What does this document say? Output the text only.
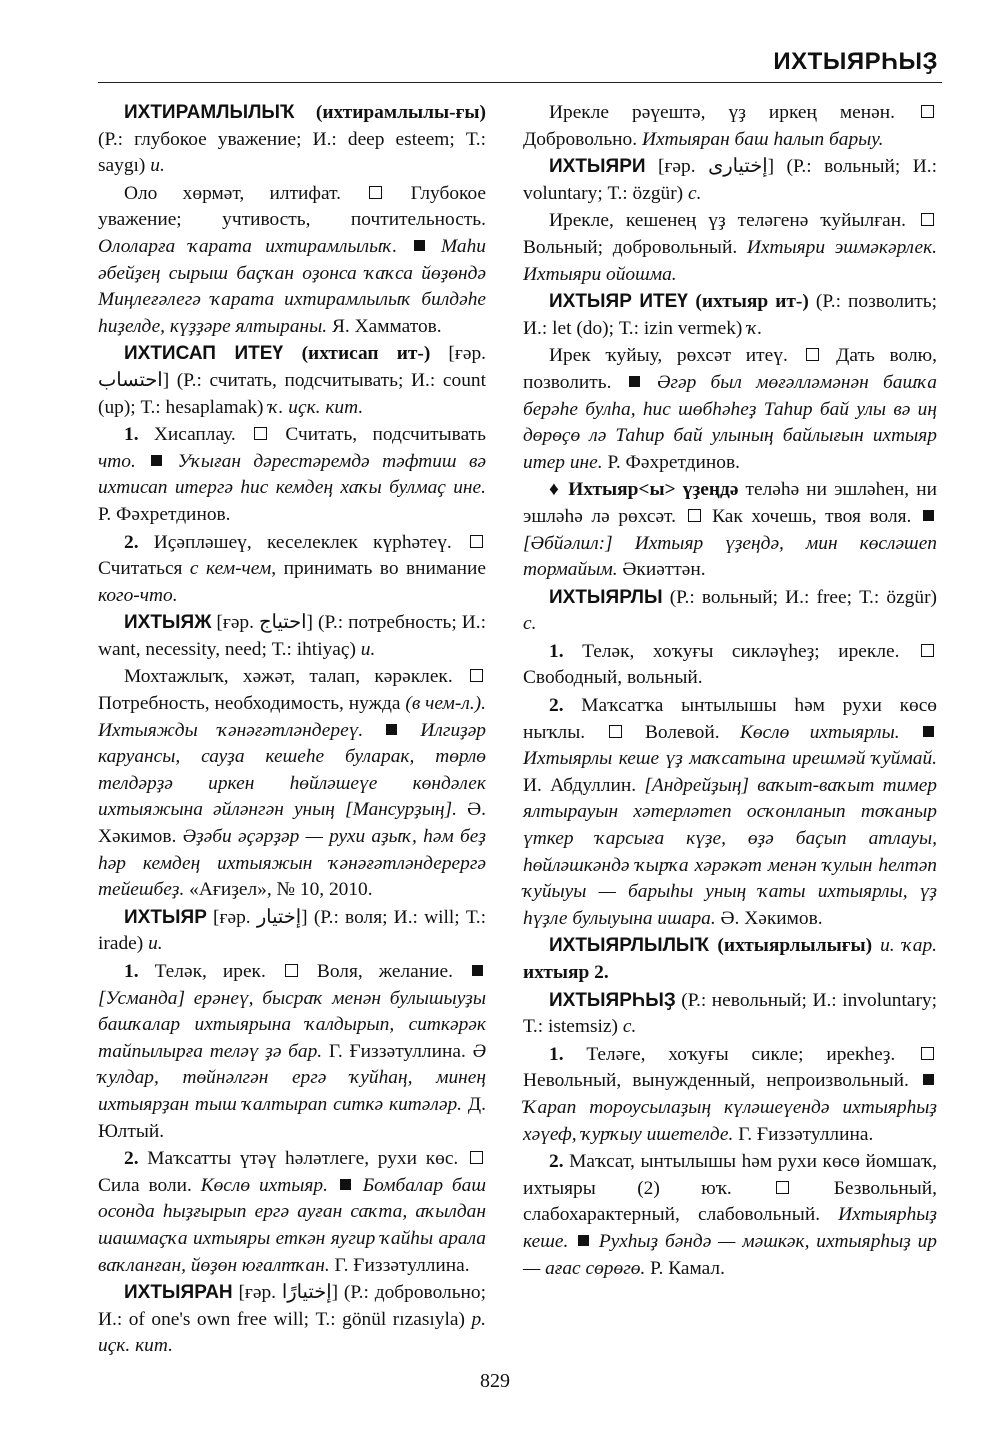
ИХТЫЯРҺЫҘ

ИХТИРАМЛЫЛЫҠ (ихтирамлылы-ғы) (Р.: глубокое уважение; И.: deep esteem; Т.: saygı) и.

Оло хөрмәт, илтифат.  Глубокое уважение; учтивость, почтительность. Ололарға ҡарата ихтирамлылыҡ.  Маһи әбейҙең сырыш баҫҡан оҙонса ҡаҡса йөҙөндә Миңлеғәлегә ҡарата ихтирамлылыҡ билдәһе һиҙелде, күҙҙәре ялтыраны. Я. Хамматов.

ИХТИСАП ИТЕҮ (ихтисап ит-) [ғәр. احتساب] (Р.: считать, подсчитывать; И.: count (up); Т.: hesaplamak) ҡ. иҫк. кит.

1. Хисаплау.  Считать, подсчитывать что.  Уҡыған дәрестәремдә тәфтиш вә ихтисап итергә һис кемдең хаҡы булмаҫ ине. Р. Фәхретдинов.

2. Иҫәпләшеү, кеселеклек күрһәтеү.  Считаться с кем-чем, принимать во внимание кого-что.

ИХТЫЯЖ [ғәр. احتياج] (Р.: потребность; И.: want, necessity, need; Т.: ihtiyaç) и.

Мохтажлыҡ, хәжәт, талап, кәрәклек.  Потребность, необходимость, нужда (в чем-л.). Ихтыяжды ҡәнәғәтләндереү.  Илгиҙәр каруансы, сауҙа кешеһе буларак, төрлө телдәрҙә иркен һөйләшеүе көндәлек ихтыяжына әйләнгән уның [Мансурҙың]. Ә. Хәкимов. Әҙәби әҫәрҙәр — рухи аҙыҡ, һәм беҙ һәр кемдең ихтыяжын ҡәнәғәтләндерергә тейешбеҙ. «Ағиҙел», № 10, 2010.

ИХТЫЯР [ғәр. إختيار] (Р.: воля; И.: will; Т.: irade) и.

1. Теләк, ирек.  Воля, желание.  [Усманда] ерәнеү, бысраҡ менән булышыуҙы башҡалар ихтыярына ҡалдырып, ситкәрәк тайпылырға теләү ҙә бар. Г. Ғиззәтуллина. Ә ҡулдар, төйнәлгән ергә ҡуйһаң, минең ихтыярҙан тыш ҡалтырап ситкә китәләр. Д. Юлтый.

2. Маҡсатты үтәү һәләтлеге, рухи көс.  Сила воли. Көслө ихтыяр.  Бомбалар баш осонда һыҙғырып ергә ауған саҡта, аҡылдан шашмаҫҡа ихтыяры еткән яугир ҡайһы арала ваҡланған, йөҙөн юғалтҡан. Г. Ғиззәтуллина.

ИХТЫЯРАН [ғәр. إختيارًا] (Р.: добровольно; И.: of one's own free will; Т.: gönül rızasıyla) р. иҫк. кит.

Ирекле рәүештә, үҙ иркең менән.  Добровольно. Ихтыяран баш һалып барыу.

ИХТЫЯРИ [ғәр. إختيارى] (Р.: вольный; И.: voluntary; Т.: özgür) с.

Ирекле, кешенең үҙ теләгенә ҡуйылған.  Вольный; добровольный. Ихтыяри эшмәкәрлек. Ихтыяри ойошма.

ИХТЫЯР ИТЕҮ (ихтыяр ит-) (Р.: позволить; И.: let (do); Т.: izin vermek) ҡ.

Ирек ҡуйыу, рөхсәт итеү.  Дать волю, позволить.  Әгәр был мөғәлләмәнән башҡа берәһе булһа, һис шөбһәһеҙ Таһир бай улы вә иң дөрөҫө лә Таһир бай улының байлығын ихтыяр итер ине. Р. Фәхретдинов.

♦ Ихтыяр<ы> үҙеңдә теләһә ни эшләһен, ни эшләһә лә рөхсәт.  Как хочешь, твоя воля.  [Әбйәлил:] Ихтыяр үҙеңдә, мин көсләшеп тормайым. Әкиәттән.

ИХТЫЯРЛЫ (Р.: вольный; И.: free; Т.: özgür) с.

1. Теләк, хоҡуғы сикләүһеҙ; ирекле.  Свободный, вольный.

2. Маҡсатҡа ынтылышы һәм рухи көсө ныҡлы.  Волевой. Көслө ихтыярлы.  Ихтыярлы кеше үҙ маҡсатына ирешмәй ҡуймай. И. Абдуллин. [Андрейҙың] ваҡыт-ваҡыт тимер ялтырауын хәтерләтеп осҡонланып тоҡаныр үткер ҡарсыға күҙе, өҙә баҫып атлауы, һөйләшкәндә ҡырҡа хәрәкәт менән ҡулын һелтәп ҡуйыуы — барыһы уның ҡаты ихтыярлы, үҙ һүҙле булыуына ишара. Ә. Хәкимов.

ИХТЫЯРЛЫЛЫҠ (ихтыярлылығы) и. ҡар. ихтыяр 2.

ИХТЫЯРҺЫҘ (Р.: невольный; И.: involuntary; Т.: istemsiz) с.

1. Теләге, хоҡуғы сикле; ирекһеҙ.  Невольный, вынужденный, непроизвольный.  Ҡарап тороусылаҙың күләшеүендә ихтыярһыҙ хәүеф, ҡурҡыу ишетелде. Г. Ғиззәтуллина.

2. Маҡсат, ынтылышы һәм рухи көсө йомшаҡ, ихтыяры (2) юҡ.  Безвольный, слабохарактерный, слабовольный. Ихтыярһыҙ кеше.  Рухһыҙ бәндә — мәшкәк, ихтыярһыҙ ир — ағас сөрөгө. Р. Камал.

829
